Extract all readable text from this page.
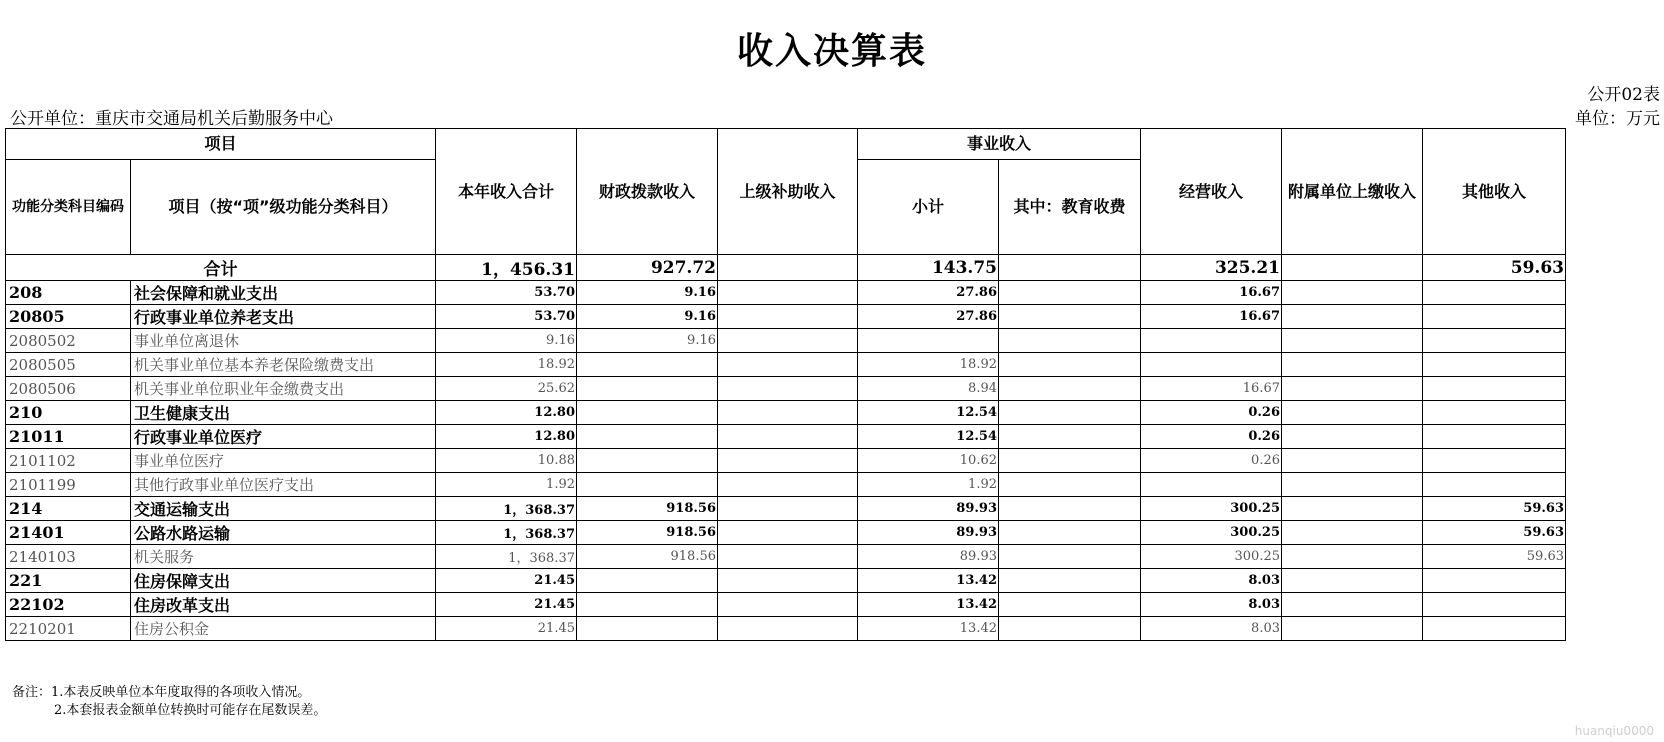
收入决算表
公开02表
公开单位：重庆市交通局机关后勤服务中心	单位：万元
项目		本年收入合计	财政拨款收入	上级补助收入	事业收入		经营收入	附属单位上缴收入	其他收入
功能分类科目编码	项目（按“项”级功能分类科目）				小计	其中：教育收费			
合计		1，456.31	927.72		143.75		325.21		59.63
208	社会保障和就业支出	53.70	9.16		27.86		16.67		
20805	行政事业单位养老支出	53.70	9.16		27.86		16.67		
2080502	事业单位离退休	9.16	9.16						
2080505	机关事业单位基本养老保险缴费支出	18.92			18.92				
2080506	机关事业单位职业年金缴费支出	25.62			8.94		16.67		
210	卫生健康支出	12.80			12.54		0.26		
21011	行政事业单位医疗	12.80			12.54		0.26		
2101102	事业单位医疗	10.88			10.62		0.26		
2101199	其他行政事业单位医疗支出	1.92			1.92				
214	交通运输支出	1，368.37	918.56		89.93		300.25		59.63
21401	公路水路运输	1，368.37	918.56		89.93		300.25		59.63
2140103	机关服务	1，368.37	918.56		89.93		300.25		59.63
221	住房保障支出	21.45			13.42		8.03		
22102	住房改革支出	21.45			13.42		8.03		
2210201	住房公积金	21.45			13.42		8.03		
备注：1.本表反映单位本年度取得的各项收入情况。
2.本套报表金额单位转换时可能存在尾数误差。
huanqiu0000
